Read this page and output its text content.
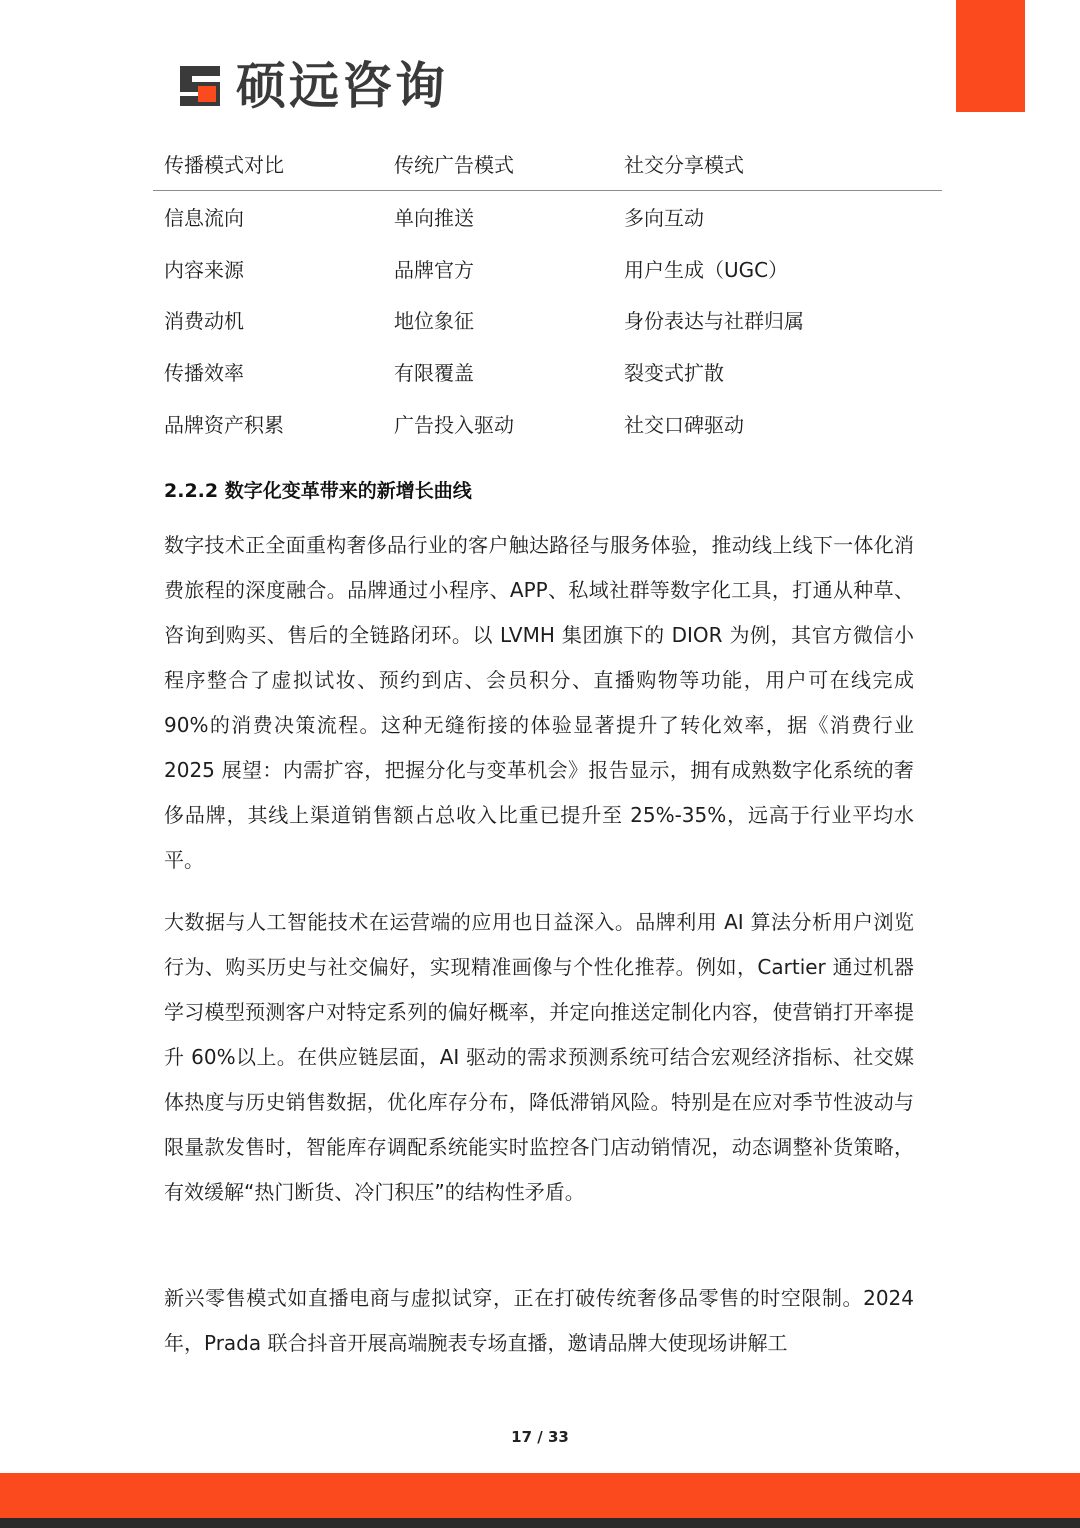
硕远咨询
传播模式对比	传统广告模式	社交分享模式
信息流向	单向推送	多向互动
内容来源	品牌官方	用户生成（UGC）
消费动机	地位象征	身份表达与社群归属
传播效率	有限覆盖	裂变式扩散
品牌资产积累	广告投入驱动	社交口碑驱动
2.2.2 数字化变革带来的新增长曲线

数字技术正全面重构奢侈品行业的客户触达路径与服务体验，推动线上线下一体化消费旅程的深度融合。品牌通过小程序、APP、私域社群等数字化工具，打通从种草、咨询到购买、售后的全链路闭环。以 LVMH 集团旗下的 DIOR 为例，其官方微信小程序整合了虚拟试妆、预约到店、会员积分、直播购物等功能，用户可在线完成 90%的消费决策流程。这种无缝衔接的体验显著提升了转化效率，据《消费行业 2025 展望：内需扩容，把握分化与变革机会》报告显示，拥有成熟数字化系统的奢侈品牌，其线上渠道销售额占总收入比重已提升至 25%-35%，远高于行业平均水平。

大数据与人工智能技术在运营端的应用也日益深入。品牌利用 AI 算法分析用户浏览行为、购买历史与社交偏好，实现精准画像与个性化推荐。例如，Cartier 通过机器学习模型预测客户对特定系列的偏好概率，并定向推送定制化内容，使营销打开率提升 60%以上。在供应链层面，AI 驱动的需求预测系统可结合宏观经济指标、社交媒体热度与历史销售数据，优化库存分布，降低滞销风险。特别是在应对季节性波动与限量款发售时，智能库存调配系统能实时监控各门店动销情况，动态调整补货策略，有效缓解“热门断货、冷门积压”的结构性矛盾。

新兴零售模式如直播电商与虚拟试穿，正在打破传统奢侈品零售的时空限制。2024 年，Prada 联合抖音开展高端腕表专场直播，邀请品牌大使现场讲解工

17 / 33
